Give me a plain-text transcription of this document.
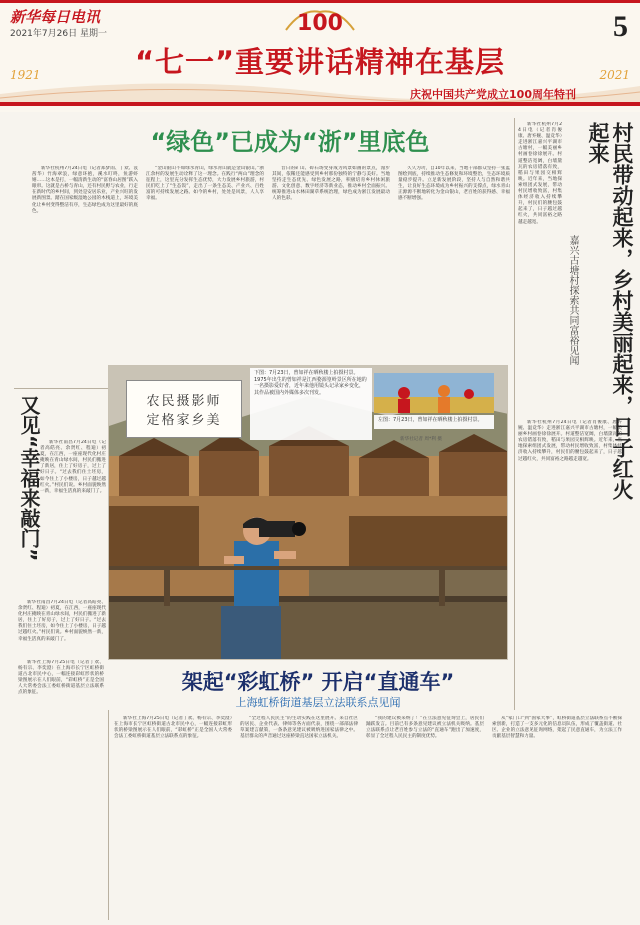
新华每日电讯
2021年7月26日 星期一	100	5
“七一”重要讲话精神在基层
1921	2021
庆祝中国共产党成立100周年特刊
“绿色”已成为“浙”里底色

新华社杭州7月24日电（记者郑梦雨、丁欢、袁茜华）竹海翠浪，绿意环抱，溪水叮咚，鱼游虾嬉……这本是打，一幅清新生动的“富春山居图”跃入眼帘。这就是古桥与青山，还有村民野与农业，行走在新时代的乡村间，到处是安居乐业，产业兴旺的发展新图景。踏在国家级湿地公园的木栈道上，环境美化让乡村变得整洁有序，生态绿色成为这里最好的底色。

“金山银山不如绿水青山，绿水青山就是金山银山。”浙江余村的发展生动诠释了这一理念。在践行“两山”理念的征程上，这里充分发挥生态优势，大力发展乡村旅游，村民们吃上了“生态饭”，走出了一条生态美、产业兴、百姓富的可持续发展之路。如今的乡村，处处是风景，人人享幸福。

昔日的矿山、碎石场变身成为风景如画的景点，漫步其间，依稀还能感受到乡村那份独特的宁静与美好。当地坚持走生态优先、绿色发展之路，积极培育乡村休闲旅游、文化创意、数字经济等新业态，推动乡村全面振兴。统筹推进山水林田湖草系统治理，绿色成为浙江发展最动人的色彩。

久久为功，自10年以来，当地干部群众坚持一张蓝图绘到底，持续推动生态修复和环境整治，生态环境质量稳步提升。立足新发展阶段，坚持人与自然和谐共生，让良好生态环境成为乡村振兴的支撑点，绿水青山正源源不断地转化为金山银山，老百姓的获得感、幸福感不断增强。

又见“幸福来敲门”	新华社南昌7月24日电（记者高皓亮、余贤红、程迪）初夏，在江西，一座座现代化村庄掩映在青山绿水间，村民们搬进了新居，住上了好房子，过上了好日子。“过去我们住土坯房，如今住上了小楼房，日子越过越红火。”村民们说。乡村面貌焕然一新，幸福生活真的来敲门了。

新华社南昌7月24日电（记者高皓亮、余贤红、程迪）初夏，在江西，一座座现代化村庄掩映在青山绿水间，村民们搬进了新居，住上了好房子，过上了好日子。“过去我们住土坯房，如今住上了小楼房，日子越过越红火。”村民们说。乡村面貌焕然一新，幸福生活真的来敲门了。

农民摄影师
定格家乡美
下图：7月23日，曾如祥在晒秋楼上拍摄村景。1975年出生的曾如祥是江西婺源篁岭景区所在地的一名摄影爱好者，近年来他用镜头记录家乡变化，其作品被国内外媒体多次刊发。
左图：7月23日，曾如祥在晒秋楼上拍摄村景。
新华社记者 周*利 摄
架起“彩虹桥” 开启“直通车”
上海虹桥街道基层立法联系点见闻

新华社上海7月25日电（记者丁欢、杨有宗、李奕澄）在上海市长宁区虹桥街道古北市民中心，一幅连接彩虹形状的桥梁图展示在人们眼前，“彩虹桥”正是全国人大常委会法工委虹桥街道基层立法联系点的象征。

新华社上海7月25日电（记者丁欢、杨有宗、李奕澄）在上海市长宁区虹桥街道古北市民中心，一幅连接彩虹形状的桥梁图展示在人们眼前，“彩虹桥”正是全国人大常委会法工委虹桥街道基层立法联系点的象征。

“全过程人民民主”的生动实践在这里展开。来自社区的居民、企业代表、律师等各方面代表，围绕一部部法律草案建言献策，一条条意见建议被吸纳进国家法律之中。基层群众的声音通过这座桥梁直达国家立法机关。

“我的建议被采纳了！”在立法意见征询会上，居民们踊跃发言。目前已有多条意见建议被立法机关吸纳。基层立法联系点让老百姓参与立法的“直通车”跑出了加速度，彰显了全过程人民民主的制度优势。

从“家门口”到“国家大事”，虹桥街道基层立法联系点不断探索创新，打造了一支多元化的信息员队伍，形成了覆盖街道、社区、企业的立法意见征询网络，架起了民意直通车，为立法工作贡献基层智慧和力量。

村民带动起来，乡村美丽起来，日子红火起来
嘉兴古塘村探索共同富裕见闻

新华社杭州7月24日电（记者肖俊康、唐弃婉、温竞华）走进浙江嘉兴平湖市古塘村，一幅美丽乡村画卷徐徐展开。村道整洁宽阔，白墙黛瓦的农房错落有致，稻田与果园交相辉映。近年来，当地探索组团式发展，带动村民增收致富，村集体经济收入持续攀升，村民们的腰包鼓起来了，日子越过越红火，共同富裕之路越走越宽。

新华社杭州7月24日电（记者肖俊康、唐弃婉、温竞华）走进浙江嘉兴平湖市古塘村，一幅美丽乡村画卷徐徐展开。村道整洁宽阔，白墙黛瓦的农房错落有致，稻田与果园交相辉映。近年来，当地探索组团式发展，带动村民增收致富，村集体经济收入持续攀升，村民们的腰包鼓起来了，日子越过越红火，共同富裕之路越走越宽。
